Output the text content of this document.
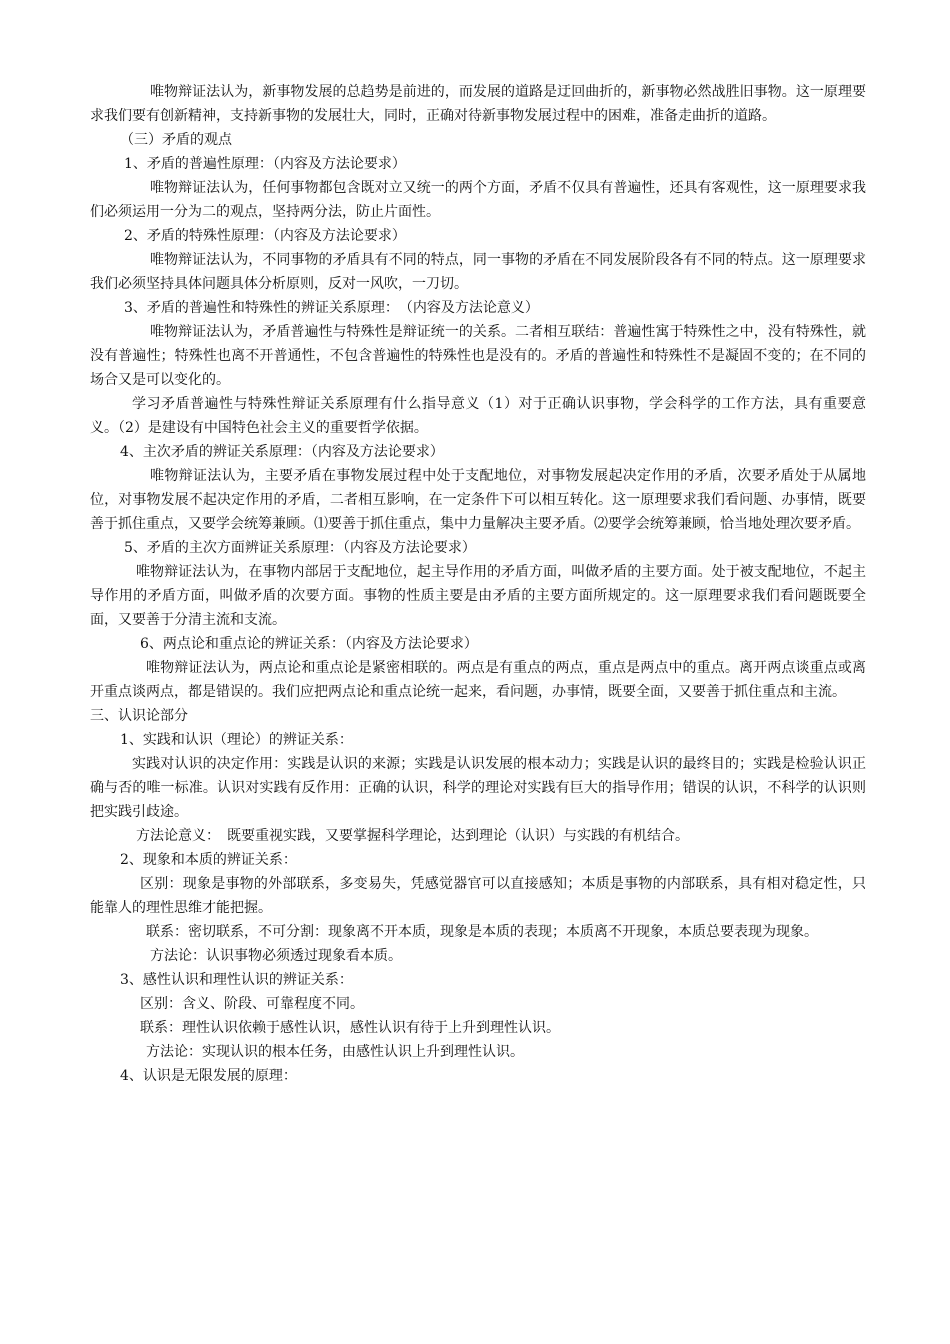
唯物辩证法认为，新事物发展的总趋势是前进的，而发展的道路是迂回曲折的，新事物必然战胜旧事物。这一原理要求我们要有创新精神，支持新事物的发展壮大，同时，正确对待新事物发展过程中的困难，准备走曲折的道路。

（三）矛盾的观点

1、矛盾的普遍性原理：（内容及方法论要求）

唯物辩证法认为，任何事物都包含既对立又统一的两个方面，矛盾不仅具有普遍性，还具有客观性，这一原理要求我们必须运用一分为二的观点，坚持两分法，防止片面性。

2、矛盾的特殊性原理：（内容及方法论要求）

唯物辩证法认为，不同事物的矛盾具有不同的特点，同一事物的矛盾在不同发展阶段各有不同的特点。这一原理要求我们必须坚持具体问题具体分析原则，反对一风吹，一刀切。

3、矛盾的普遍性和特殊性的辨证关系原理：　（内容及方法论意义）

唯物辩证法认为，矛盾普遍性与特殊性是辩证统一的关系。二者相互联结：普遍性寓于特殊性之中，没有特殊性，就没有普遍性；特殊性也离不开普通性，不包含普遍性的特殊性也是没有的。矛盾的普遍性和特殊性不是凝固不变的；在不同的场合又是可以变化的。

学习矛盾普遍性与特殊性辩证关系原理有什么指导意义（1）对于正确认识事物，学会科学的工作方法，具有重要意义。（2）是建设有中国特色社会主义的重要哲学依据。

4、主次矛盾的辨证关系原理：（内容及方法论要求）

唯物辩证法认为，主要矛盾在事物发展过程中处于支配地位，对事物发展起决定作用的矛盾，次要矛盾处于从属地位，对事物发展不起决定作用的矛盾，二者相互影响，在一定条件下可以相互转化。这一原理要求我们看问题、办事情，既要善于抓住重点，又要学会统筹兼顾。⑴要善于抓住重点，集中力量解决主要矛盾。⑵要学会统筹兼顾，恰当地处理次要矛盾。

5、矛盾的主次方面辨证关系原理：（内容及方法论要求）

唯物辩证法认为，在事物内部居于支配地位，起主导作用的矛盾方面，叫做矛盾的主要方面。处于被支配地位，不起主导作用的矛盾方面，叫做矛盾的次要方面。事物的性质主要是由矛盾的主要方面所规定的。这一原理要求我们看问题既要全面，又要善于分清主流和支流。

6、两点论和重点论的辨证关系：（内容及方法论要求）

唯物辩证法认为，两点论和重点论是紧密相联的。两点是有重点的两点，重点是两点中的重点。离开两点谈重点或离开重点谈两点，都是错误的。我们应把两点论和重点论统一起来，看问题，办事情，既要全面，又要善于抓住重点和主流。

三、认识论部分

1、实践和认识（理论）的辨证关系：

实践对认识的决定作用：实践是认识的来源；实践是认识发展的根本动力；实践是认识的最终目的；实践是检验认识正确与否的唯一标准。认识对实践有反作用：正确的认识，科学的理论对实践有巨大的指导作用；错误的认识，不科学的认识则把实践引歧途。

方法论意义：　既要重视实践，又要掌握科学理论，达到理论（认识）与实践的有机结合。

2、现象和本质的辨证关系：

区别：现象是事物的外部联系，多变易失，凭感觉器官可以直接感知；本质是事物的内部联系，具有相对稳定性，只能靠人的理性思维才能把握。

联系：密切联系，不可分割：现象离不开本质，现象是本质的表现；本质离不开现象，本质总要表现为现象。

方法论：认识事物必须透过现象看本质。

3、感性认识和理性认识的辨证关系：

区别：含义、阶段、可靠程度不同。

联系：理性认识依赖于感性认识，感性认识有待于上升到理性认识。

方法论：实现认识的根本任务，由感性认识上升到理性认识。

4、认识是无限发展的原理：
